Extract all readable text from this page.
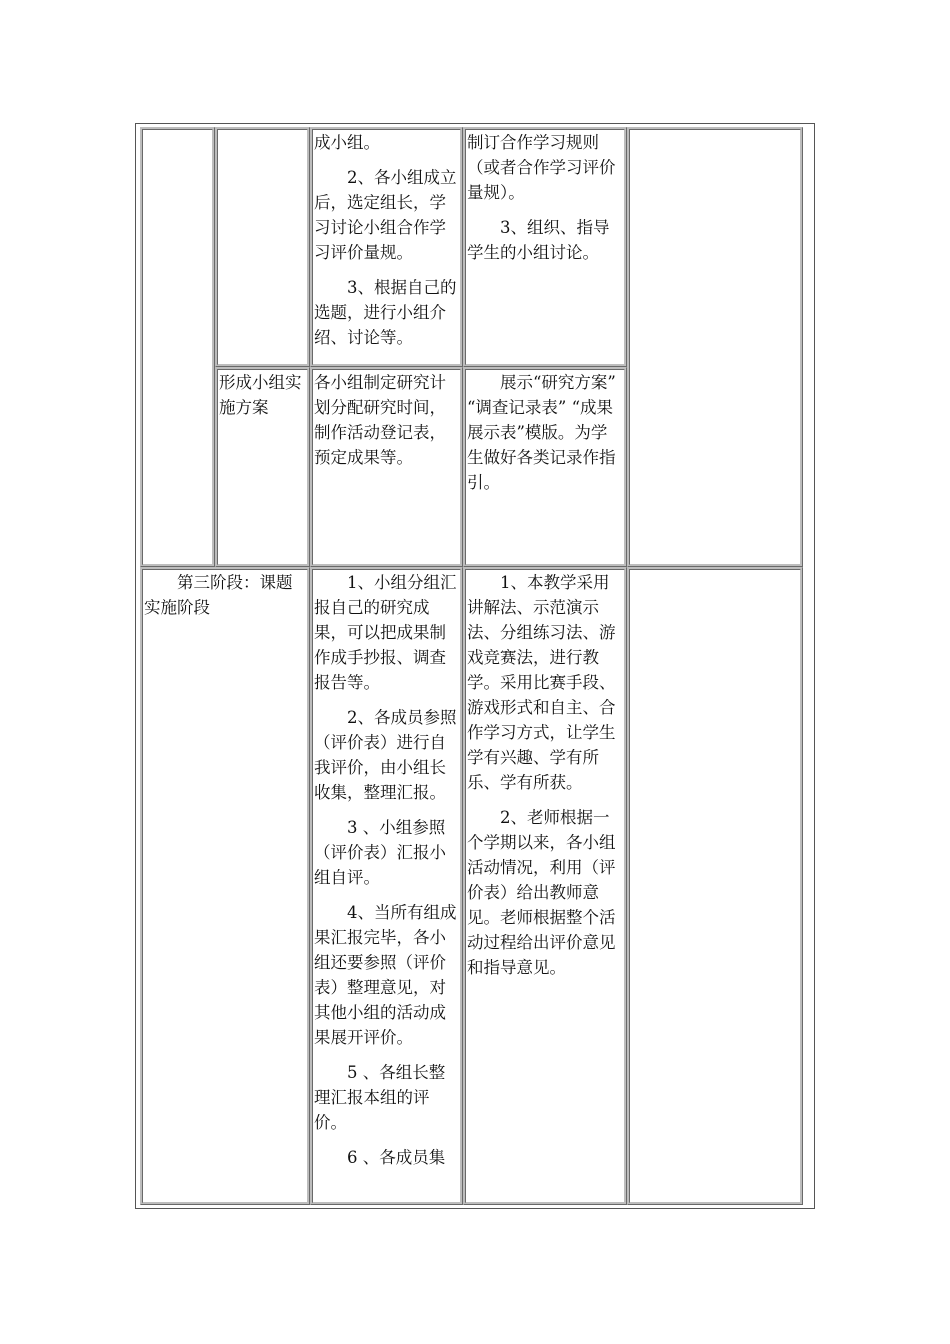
成小组。

2、各小组成立后，选定组长，学习讨论小组合作学习评价量规。

3、根据自己的选题，进行小组介绍、讨论等。

制订合作学习规则（或者合作学习评价量规）。

3、组织、指导学生的小组讨论。

形成小组实施方案

各小组制定研究计划分配研究时间，制作活动登记表，预定成果等。

展示“研究方案” “调查记录表” “成果展示表”模版。为学生做好各类记录作指引。

第三阶段：课题实施阶段

1、小组分组汇报自己的研究成果，可以把成果制作成手抄报、调查报告等。

2、各成员参照（评价表）进行自我评价，由小组长收集，整理汇报。

3 、小组参照（评价表）汇报小组自评。

4、当所有组成果汇报完毕，各小组还要参照（评价表）整理意见，对其他小组的活动成果展开评价。

5 、各组长整理汇报本组的评价。

6 、各成员集

1、本教学采用讲解法、示范演示法、分组练习法、游戏竞赛法，进行教学。采用比赛手段、游戏形式和自主、合作学习方式，让学生学有兴趣、学有所乐、学有所获。

2、老师根据一个学期以来，各小组活动情况，利用（评价表）给出教师意见。老师根据整个活动过程给出评价意见和指导意见。
